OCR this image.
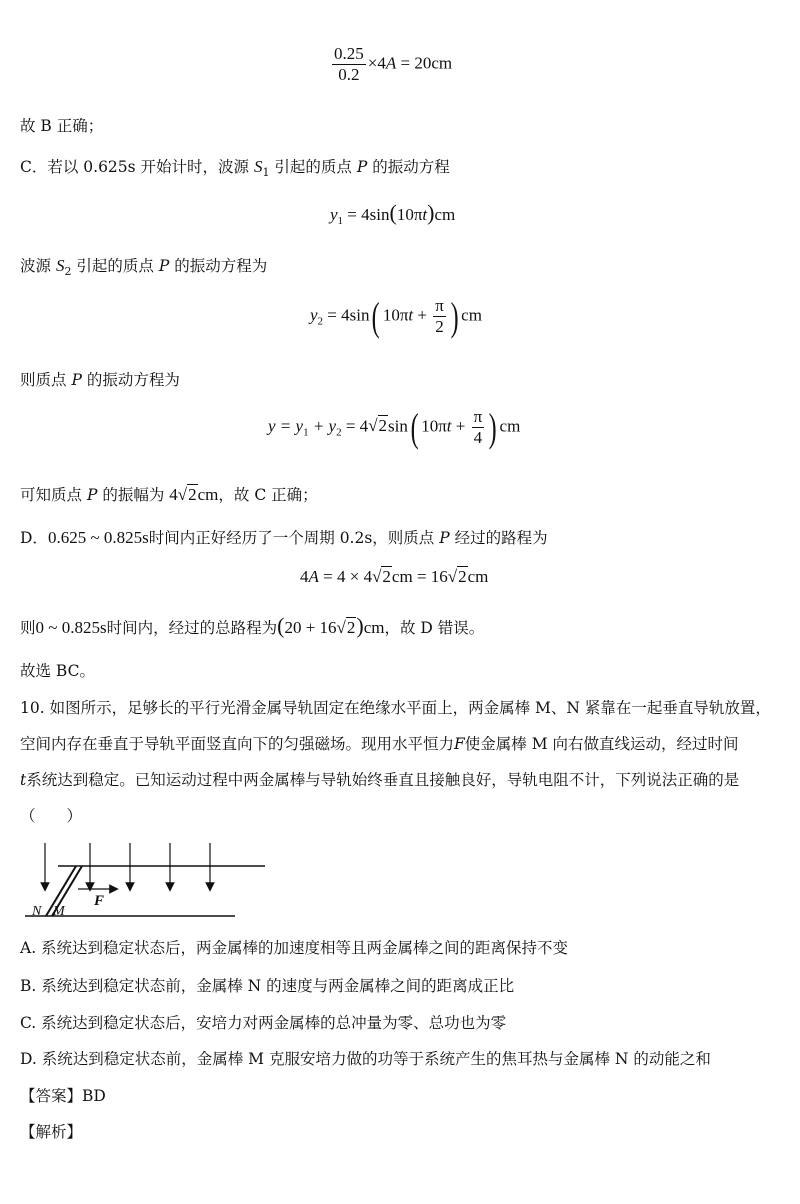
$\frac{0.25}{0.2} \times 4A = 20cm$
故 B 正确；
C．若以 0.625s 开始计时，波源 $S_1$ 引起的质点 P 的振动方程
$y_1 = 4\sin(10\pi t)cm$
波源 $S_2$ 引起的质点 P 的振动方程为
$y_2 = 4\sin$( $10\pi t + \frac{\pi}{2}$ ) cm
则质点 P 的振动方程为
$y = y_1 + y_2 = 4√2\sin$( $10\pi t + \frac{\pi}{4}$ ) cm
可知质点 P 的振幅为 4√2cm，故 C 正确；
D．0.625 ~ 0.825s时间内正好经历了一个周期 0.2s，则质点 P 经过的路程为
4A = 4 × 4√2cm = 16√2cm
则0 ~ 0.825s时间内，经过的总路程为(20 + 16√2)cm，故 D 错误。
故选 BC。
10. 如图所示，足够长的平行光滑金属导轨固定在绝缘水平面上，两金属棒 M、N 紧靠在一起垂直导轨放置，
空间内存在垂直于导轨平面竖直向下的匀强磁场。现用水平恒力F使金属棒 M 向右做直线运动，经过时间
t系统达到稳定。已知运动过程中两金属棒与导轨始终垂直且接触良好，导轨电阻不计，下列说法正确的是
（　　）
N M
F
A. 系统达到稳定状态后，两金属棒的加速度相等且两金属棒之间的距离保持不变
B. 系统达到稳定状态前，金属棒 N 的速度与两金属棒之间的距离成正比
C. 系统达到稳定状态后，安培力对两金属棒的总冲量为零、总功也为零
D. 系统达到稳定状态前，金属棒 M 克服安培力做的功等于系统产生的焦耳热与金属棒 N 的动能之和
【答案】BD
【解析】
